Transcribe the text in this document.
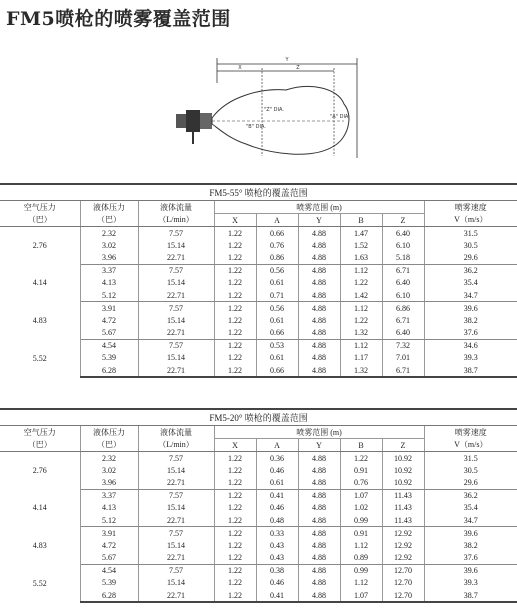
FM5喷枪的喷雾覆盖范围
Y
X	Z
"Z" DIA.
"A" DIA.
"B" DIA.
FM5-55° 喷枪的覆盖范围								
空气压力	液体压力	液体流量	喷雾范围 (m)					喷雾速度
（巴）	（巴）	（L/min）	X	A	Y	B	Z	V（m/s）
2.76	2.32	7.57	1.22	0.66	4.88	1.47	6.40	31.5
	3.02	15.14	1.22	0.76	4.88	1.52	6.10	30.5
	3.96	22.71	1.22	0.86	4.88	1.63	5.18	29.6
4.14	3.37	7.57	1.22	0.56	4.88	1.12	6.71	36.2
	4.13	15.14	1.22	0.61	4.88	1.22	6.40	35.4
	5.12	22.71	1.22	0.71	4.88	1.42	6.10	34.7
4.83	3.91	7.57	1.22	0.56	4.88	1.12	6.86	39.6
	4.72	15.14	1.22	0.61	4.88	1.22	6.71	38.2
	5.67	22.71	1.22	0.66	4.88	1.32	6.40	37.6
5.52	4.54	7.57	1.22	0.53	4.88	1.12	7.32	34.6
	5.39	15.14	1.22	0.61	4.88	1.17	7.01	39.3
	6.28	22.71	1.22	0.66	4.88	1.32	6.71	38.7
FM5-20° 喷枪的覆盖范围								
空气压力	液体压力	液体流量	喷雾范围 (m)					喷雾速度
（巴）	（巴）	（L/min）	X	A	Y	B	Z	V（m/s）
2.76	2.32	7.57	1.22	0.36	4.88	1.22	10.92	31.5
	3.02	15.14	1.22	0.46	4.88	0.91	10.92	30.5
	3.96	22.71	1.22	0.61	4.88	0.76	10.92	29.6
4.14	3.37	7.57	1.22	0.41	4.88	1.07	11.43	36.2
	4.13	15.14	1.22	0.46	4.88	1.02	11.43	35.4
	5.12	22.71	1.22	0.48	4.88	0.99	11.43	34.7
4.83	3.91	7.57	1.22	0.33	4.88	0.91	12.92	39.6
	4.72	15.14	1.22	0.43	4.88	1.12	12.92	38.2
	5.67	22.71	1.22	0.43	4.88	0.89	12.92	37.6
5.52	4.54	7.57	1.22	0.38	4.88	0.99	12.70	39.6
	5.39	15.14	1.22	0.46	4.88	1.12	12.70	39.3
	6.28	22.71	1.22	0.41	4.88	1.07	12.70	38.7
